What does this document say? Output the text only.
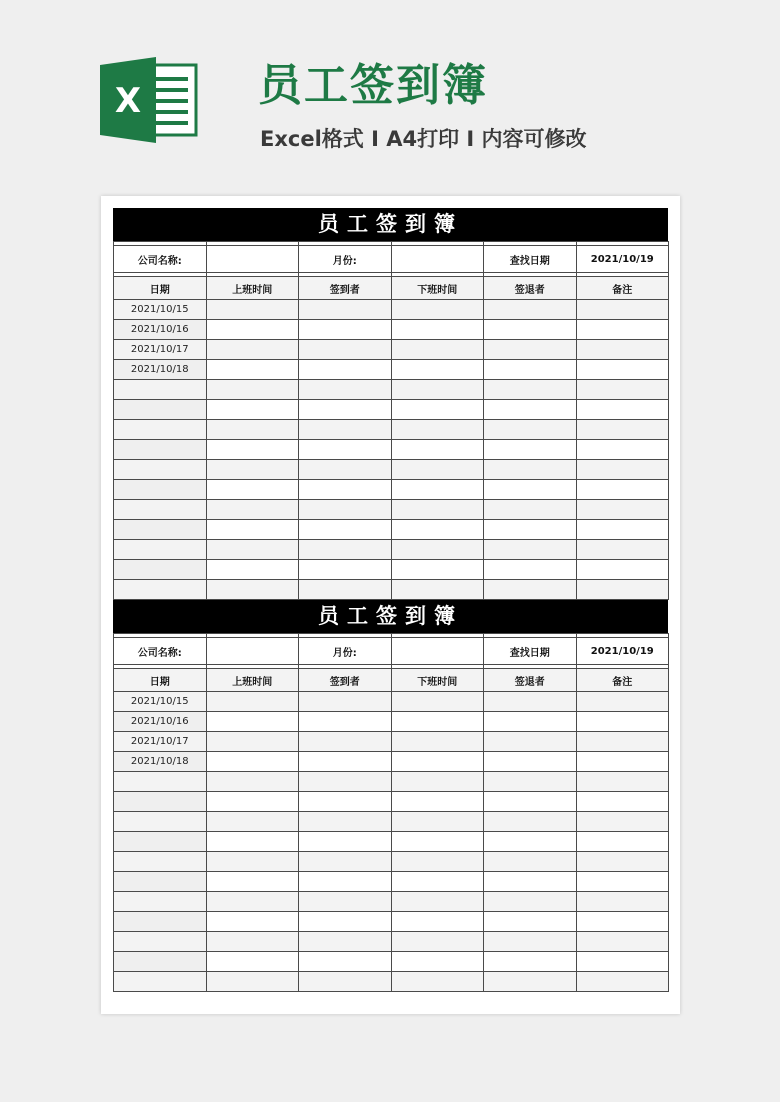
X	员工签到簿
Excel格式 I A4打印 I 内容可修改
员工签到簿

公司名称:		月份:		查找日期	2021/10/19

日期	上班时间	签到者	下班时间	签退者	备注
2021/10/15					
2021/10/16					
2021/10/17					
2021/10/18					

员工签到簿

公司名称:		月份:		查找日期	2021/10/19

日期	上班时间	签到者	下班时间	签退者	备注
2021/10/15					
2021/10/16					
2021/10/17					
2021/10/18					
